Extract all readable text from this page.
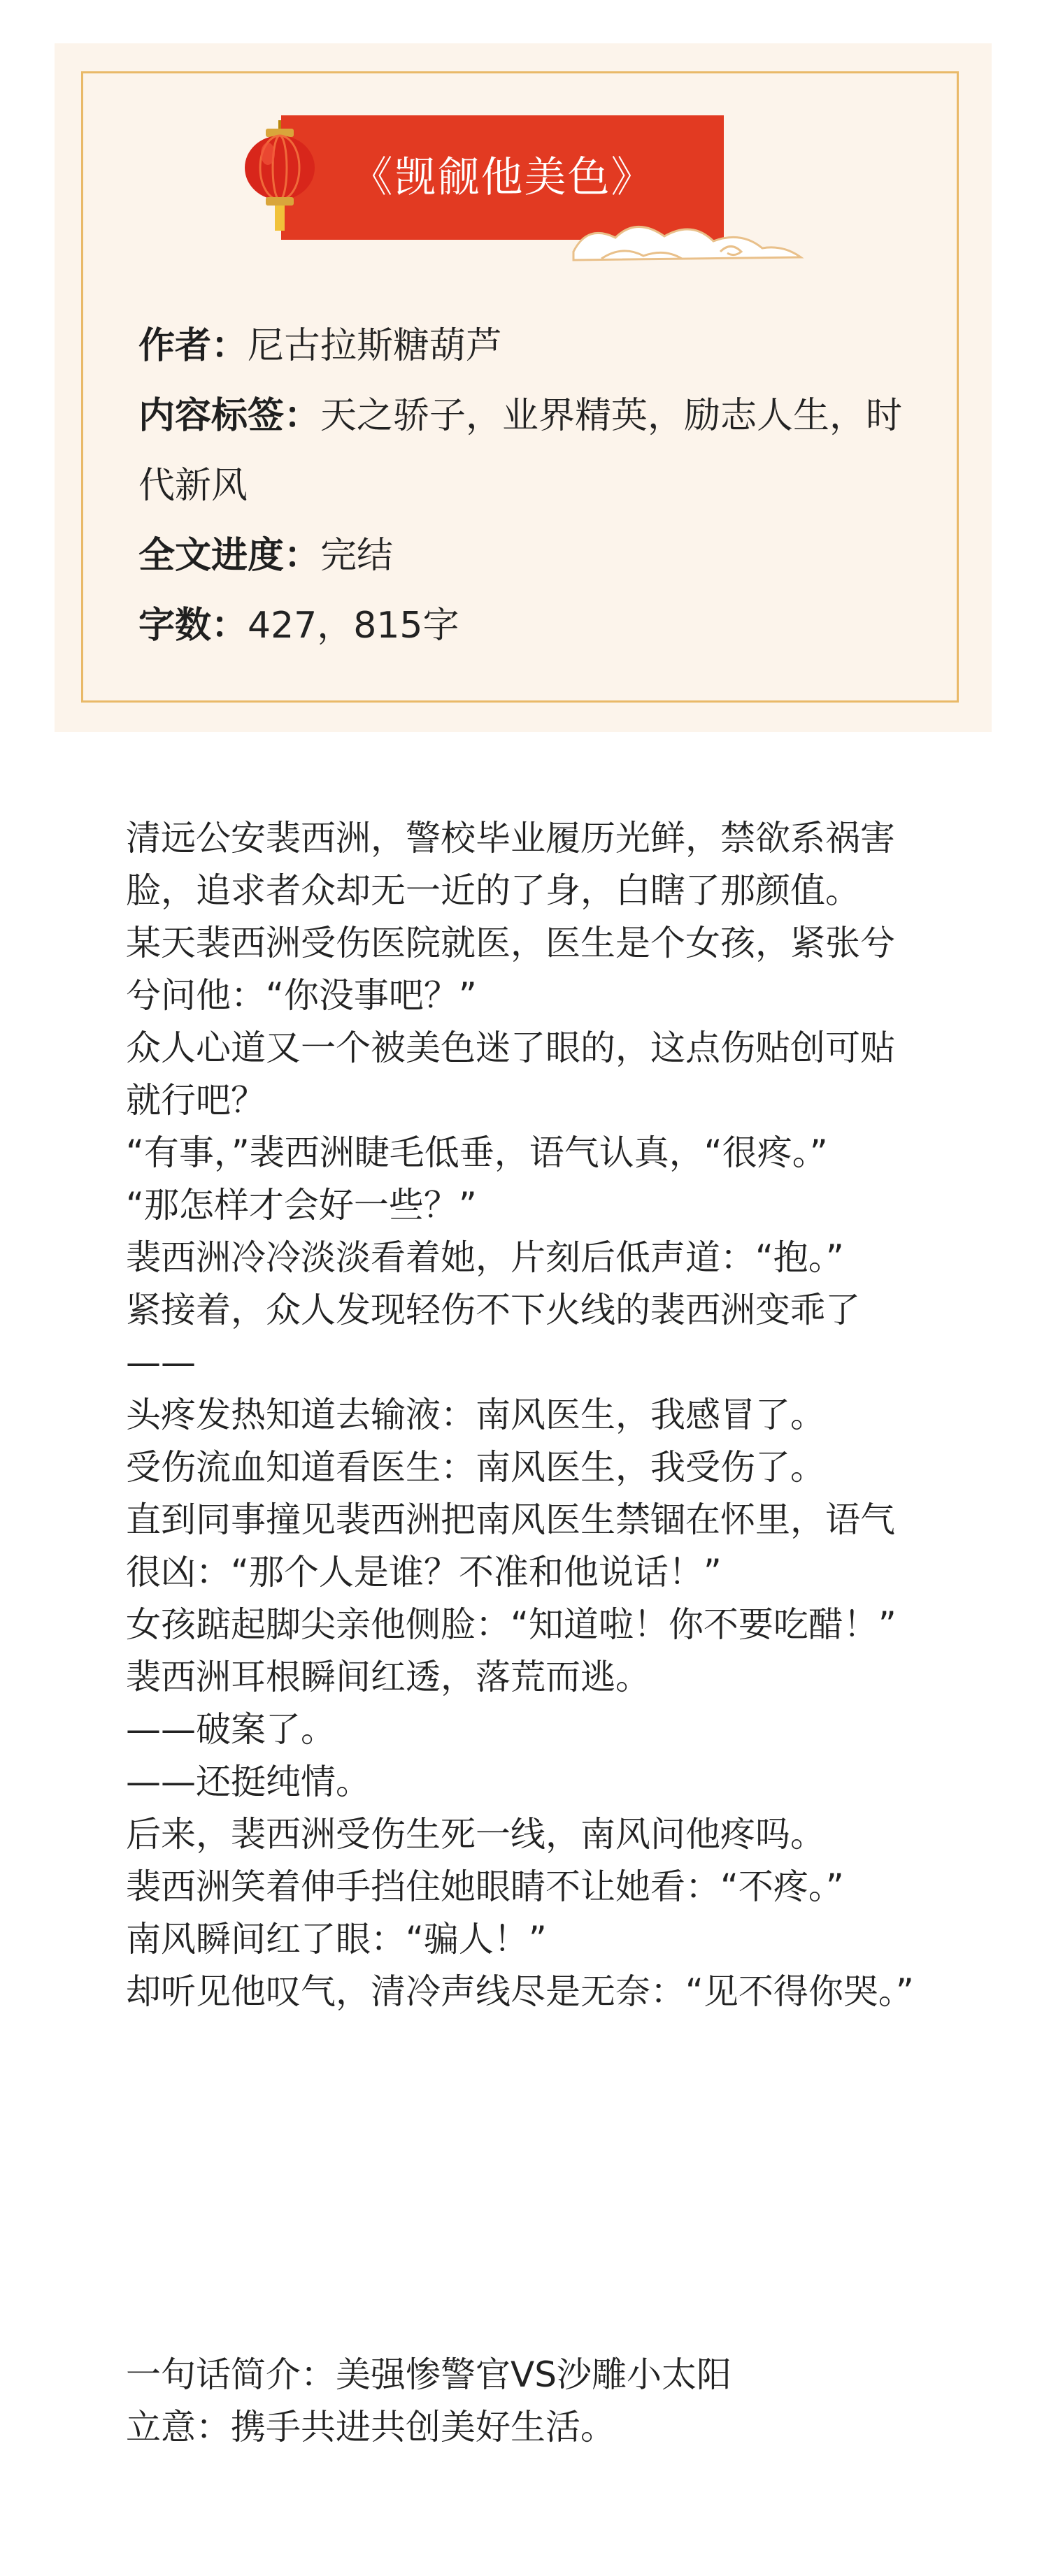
《觊觎他美色》
作者：尼古拉斯糖葫芦
内容标签：天之骄子，业界精英，励志人生，时代新风
全文进度：完结
字数：427，815字

清远公安裴西洲，警校毕业履历光鲜，禁欲系祸害脸，追求者众却无一近的了身，白瞎了那颜值。

某天裴西洲受伤医院就医，医生是个女孩，紧张兮兮问他：“你没事吧？”

众人心道又一个被美色迷了眼的，这点伤贴创可贴就行吧？

“有事，”裴西洲睫毛低垂，语气认真，“很疼。”

“那怎样才会好一些？”

裴西洲冷冷淡淡看着她，片刻后低声道：“抱。”

紧接着，众人发现轻伤不下火线的裴西洲变乖了——

头疼发热知道去输液：南风医生，我感冒了。

受伤流血知道看医生：南风医生，我受伤了。

直到同事撞见裴西洲把南风医生禁锢在怀里，语气很凶：“那个人是谁？不准和他说话！”

女孩踮起脚尖亲他侧脸：“知道啦！你不要吃醋！”

裴西洲耳根瞬间红透，落荒而逃。

——破案了。

——还挺纯情。

后来，裴西洲受伤生死一线，南风问他疼吗。

裴西洲笑着伸手挡住她眼睛不让她看：“不疼。”

南风瞬间红了眼：“骗人！”

却听见他叹气，清冷声线尽是无奈：“见不得你哭。”

一句话简介：美强惨警官VS沙雕小太阳

立意：携手共进共创美好生活。
